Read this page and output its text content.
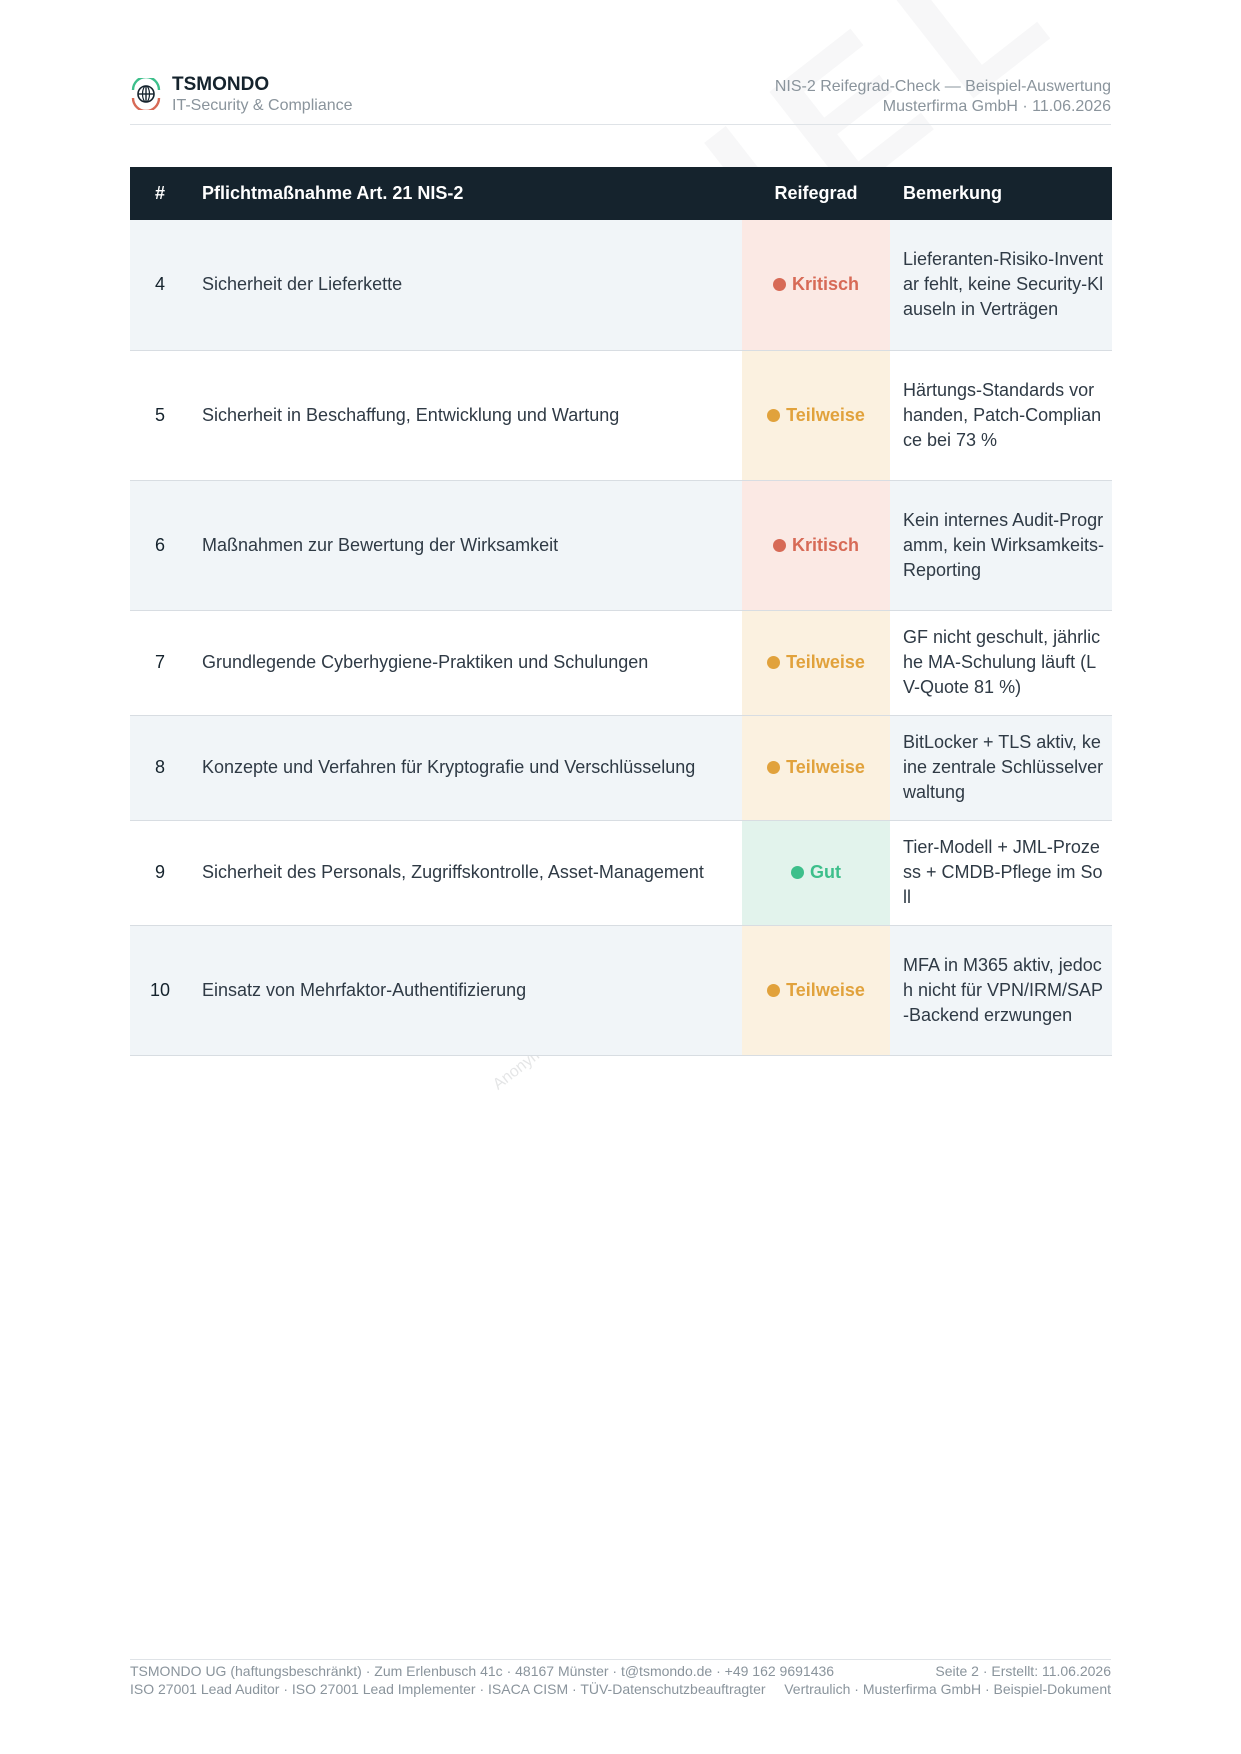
Anonymisiert
TSMONDO
IT-Security & Compliance
NIS-2 Reifegrad-Check — Beispiel-Auswertung
Musterfirma GmbH · 11.06.2026
#	Pflichtmaßnahme Art. 21 NIS-2	Reifegrad	Bemerkung
4	Sicherheit der Lieferkette	Kritisch	Lieferanten-Risiko-Inventar fehlt, keine Security-Klauseln in Verträgen
5	Sicherheit in Beschaffung, Entwicklung und Wartung	Teilweise	Härtungs-Standards vorhanden, Patch-Compliance bei 73 %
6	Maßnahmen zur Bewertung der Wirksamkeit	Kritisch	Kein internes Audit-Programm, kein Wirksamkeits-Reporting
7	Grundlegende Cyberhygiene-Praktiken und Schulungen	Teilweise	GF nicht geschult, jährliche MA-Schulung läuft (LV-Quote 81 %)
8	Konzepte und Verfahren für Kryptografie und Verschlüsselung	Teilweise	BitLocker + TLS aktiv, keine zentrale Schlüsselverwaltung
9	Sicherheit des Personals, Zugriffskontrolle, Asset-Management	Gut	Tier-Modell + JML-Prozess + CMDB-Pflege im Soll
10	Einsatz von Mehrfaktor-Authentifizierung	Teilweise	MFA in M365 aktiv, jedoch nicht für VPN/IRM/SAP-Backend erzwungen
TSMONDO UG (haftungsbeschränkt) · Zum Erlenbusch 41c · 48167 Münster · t@tsmondo.de · +49 162 9691436
ISO 27001 Lead Auditor · ISO 27001 Lead Implementer · ISACA CISM · TÜV-Datenschutzbeauftragter
Seite 2 · Erstellt: 11.06.2026
Vertraulich · Musterfirma GmbH · Beispiel-Dokument
